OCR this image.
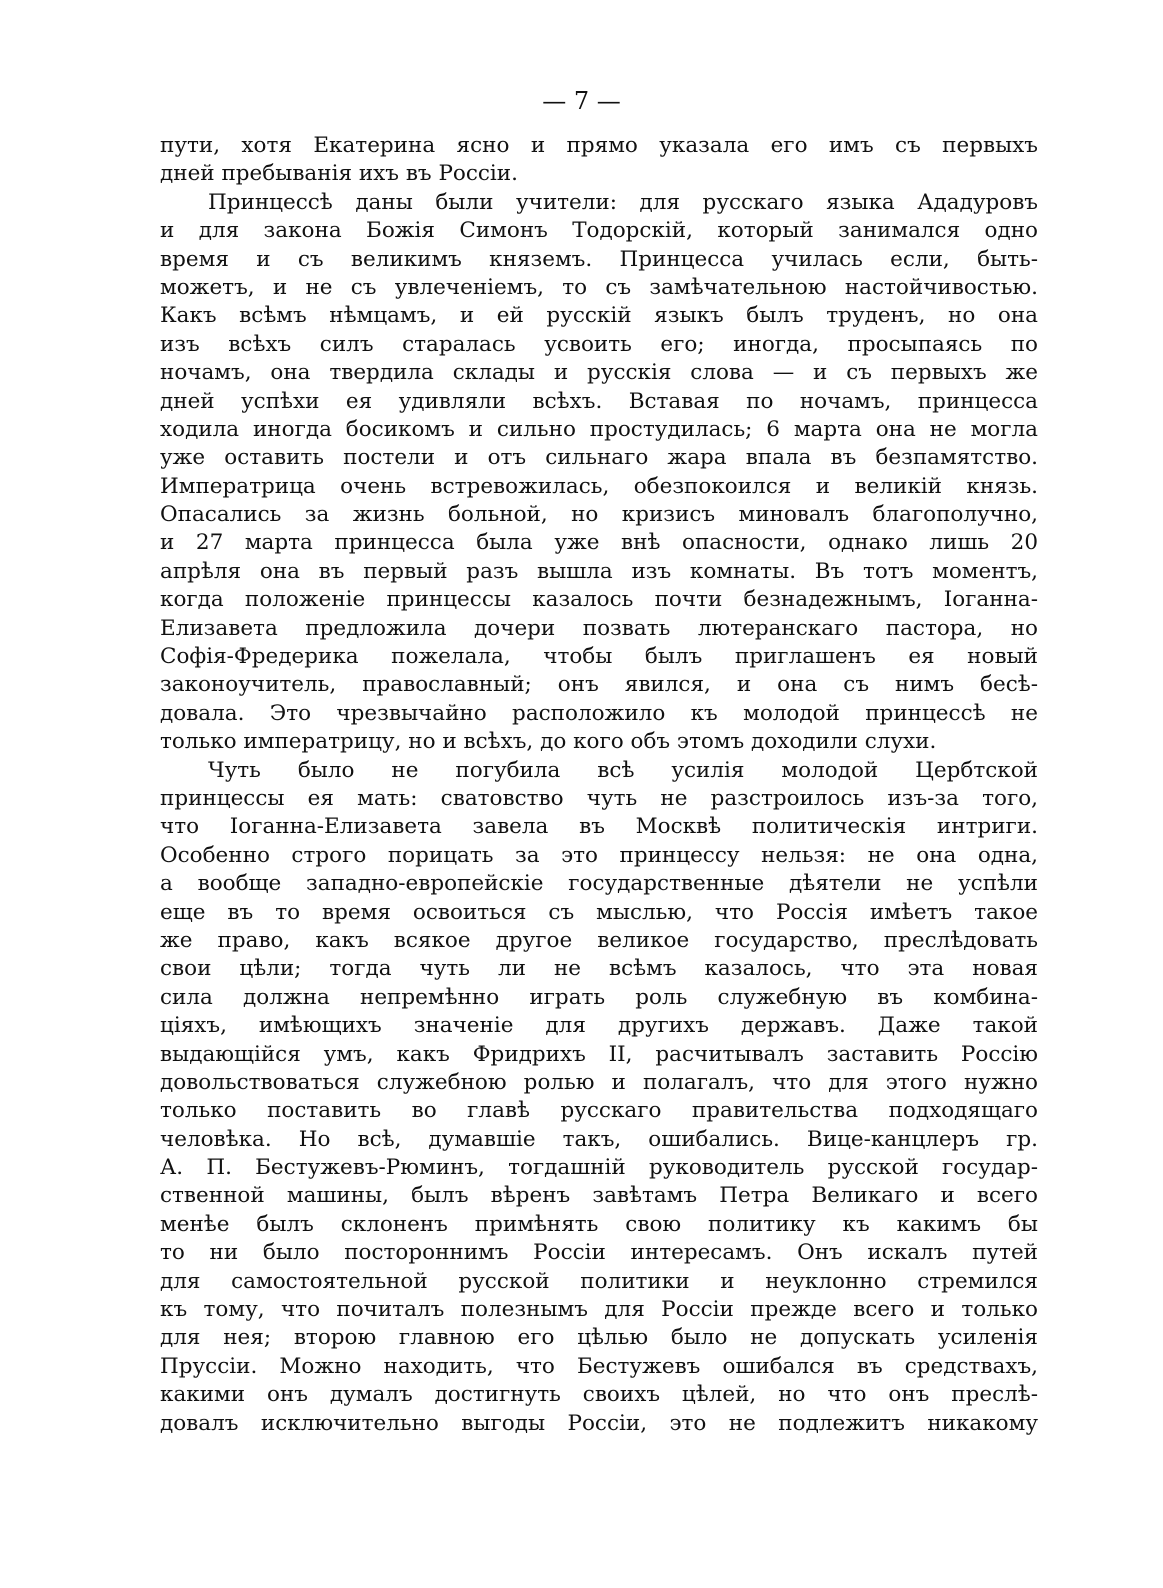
— 7 —
пути, хотя Екатерина ясно и прямо указала его имъ съ первыхъ
дней пребыванія ихъ въ Россіи.
Принцессѣ даны были учители: для русскаго языка Ададуровъ
и для закона Божія Симонъ Тодорскій, который занимался одно
время и съ великимъ княземъ. Принцесса училась если, быть-
можетъ, и не съ увлеченіемъ, то съ замѣчательною настойчивостью.
Какъ всѣмъ нѣмцамъ, и ей русскій языкъ былъ труденъ, но она
изъ всѣхъ силъ старалась усвоить его; иногда, просыпаясь по
ночамъ, она твердила склады и русскія слова — и съ первыхъ же
дней успѣхи ея удивляли всѣхъ. Вставая по ночамъ, принцесса
ходила иногда босикомъ и сильно простудилась; 6 марта она не могла
уже оставить постели и отъ сильнаго жара впала въ безпамятство.
Императрица очень встревожилась, обезпокоился и великій князь.
Опасались за жизнь больной, но кризисъ миновалъ благополучно,
и 27 марта принцесса была уже внѣ опасности, однако лишь 20
апрѣля она въ первый разъ вышла изъ комнаты. Въ тотъ моментъ,
когда положеніе принцессы казалось почти безнадежнымъ, Іоганна-
Елизавета предложила дочери позвать лютеранскаго пастора, но
Софія-Фредерика пожелала, чтобы былъ приглашенъ ея новый
законоучитель, православный; онъ явился, и она съ нимъ бесѣ-
довала. Это чрезвычайно расположило къ молодой принцессѣ не
только императрицу, но и всѣхъ, до кого объ этомъ доходили слухи.
Чуть было не погубила всѣ усилія молодой Цербтской
принцессы ея мать: сватовство чуть не разстроилось изъ-за того,
что Іоганна-Елизавета завела въ Москвѣ политическія интриги.
Особенно строго порицать за это принцессу нельзя: не она одна,
а вообще западно-европейскіе государственные дѣятели не успѣли
еще въ то время освоиться съ мыслью, что Россія имѣетъ такое
же право, какъ всякое другое великое государство, преслѣдовать
свои цѣли; тогда чуть ли не всѣмъ казалось, что эта новая
сила должна непремѣнно играть роль служебную въ комбина-
ціяхъ, имѣющихъ значеніе для другихъ державъ. Даже такой
выдающійся умъ, какъ Фридрихъ II, расчитывалъ заставить Россію
довольствоваться служебною ролью и полагалъ, что для этого нужно
только поставить во главѣ русскаго правительства подходящаго
человѣка. Но всѣ, думавшіе такъ, ошибались. Вице-канцлеръ гр.
А. П. Бестужевъ-Рюминъ, тогдашній руководитель русской государ-
ственной машины, былъ вѣренъ завѣтамъ Петра Великаго и всего
менѣе былъ склоненъ примѣнять свою политику къ какимъ бы
то ни было постороннимъ Россіи интересамъ. Онъ искалъ путей
для самостоятельной русской политики и неуклонно стремился
къ тому, что почиталъ полезнымъ для Россіи прежде всего и только
для нея; второю главною его цѣлью было не допускать усиленія
Пруссіи. Можно находить, что Бестужевъ ошибался въ средствахъ,
какими онъ думалъ достигнуть своихъ цѣлей, но что онъ преслѣ-
довалъ исключительно выгоды Россіи, это не подлежитъ никакому
